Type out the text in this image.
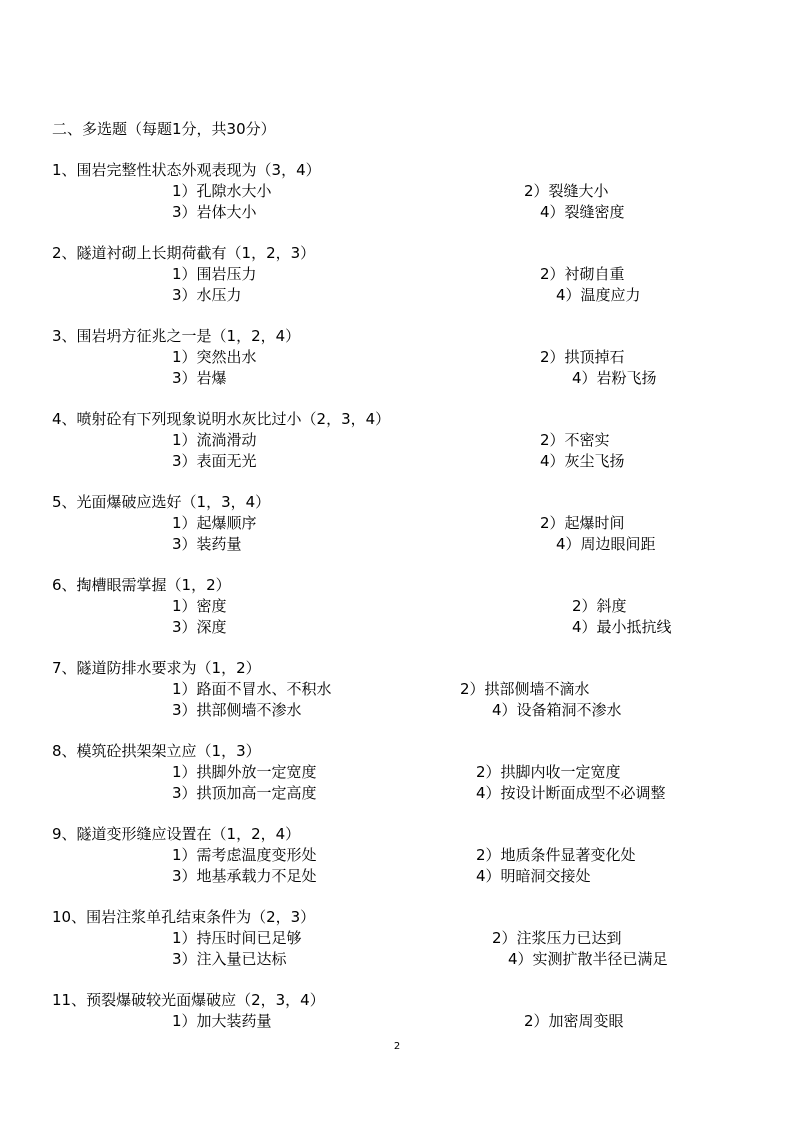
二、多选题（每题1分，共30分）
1、围岩完整性状态外观表现为（3，4）
1）孔隙水大小	2）裂缝大小
3）岩体大小	4）裂缝密度
2、隧道衬砌上长期荷截有（1，2，3）
1）围岩压力	2）衬砌自重
3）水压力	4）温度应力
3、围岩坍方征兆之一是（1，2，4）
1）突然出水	2）拱顶掉石
3）岩爆	4）岩粉飞扬
4、喷射砼有下列现象说明水灰比过小（2，3，4）
1）流淌滑动	2）不密实
3）表面无光	4）灰尘飞扬
5、光面爆破应选好（1，3，4）
1）起爆顺序	2）起爆时间
3）装药量	4）周边眼间距
6、掏槽眼需掌握（1，2）
1）密度	2）斜度
3）深度	4）最小抵抗线
7、隧道防排水要求为（1，2）
1）路面不冒水、不积水	2）拱部侧墙不滴水
3）拱部侧墙不渗水	4）设备箱洞不渗水
8、模筑砼拱架架立应（1，3）
1）拱脚外放一定宽度	2）拱脚内收一定宽度
3）拱顶加高一定高度	4）按设计断面成型不必调整
9、隧道变形缝应设置在（1，2，4）
1）需考虑温度变形处	2）地质条件显著变化处
3）地基承载力不足处	4）明暗洞交接处
10、围岩注浆单孔结束条件为（2，3）
1）持压时间已足够	2）注浆压力已达到
3）注入量已达标	4）实测扩散半径已满足
11、预裂爆破较光面爆破应（2，3，4）
1）加大装药量	2）加密周变眼
2
